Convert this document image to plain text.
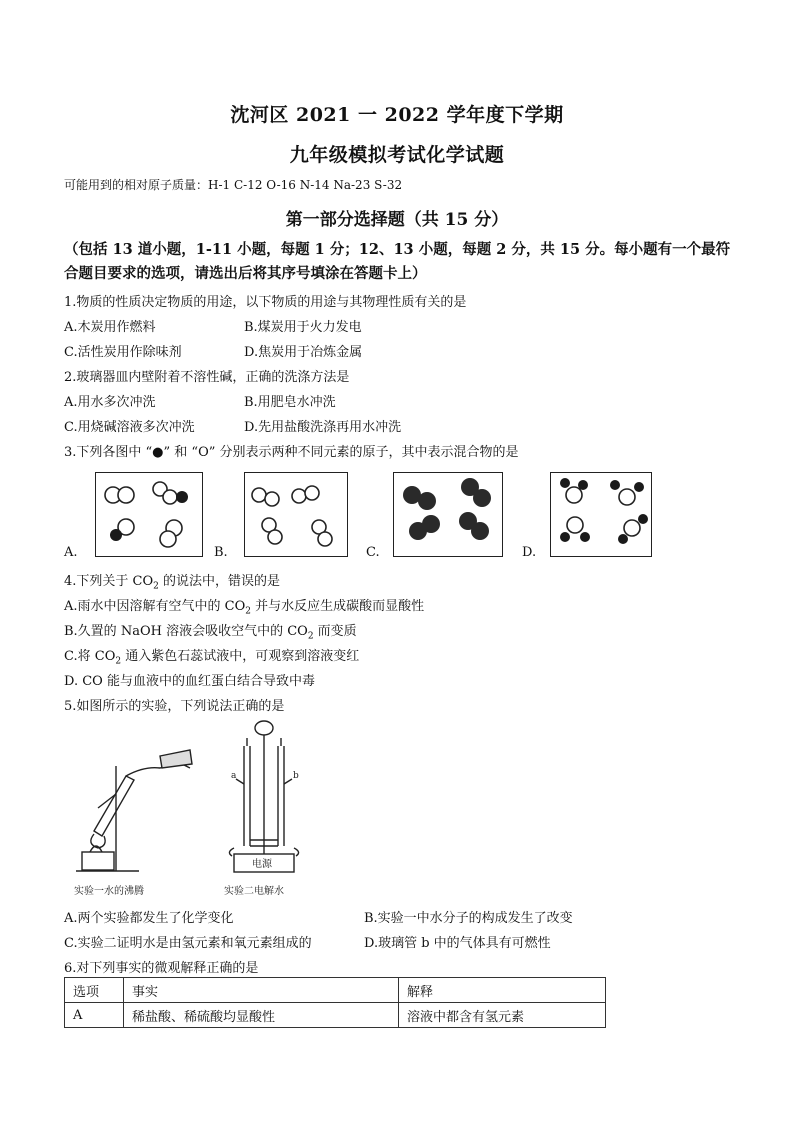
沈河区 2021 一 2022 学年度下学期
九年级模拟考试化学试题
可能用到的相对原子质量：H-1 C-12 O-16 N-14 Na-23 S-32
第一部分选择题（共 15 分）
（包括 13 道小题，1-11 小题，每题 1 分；12、13 小题，每题 2 分，共 15 分。每小题有一个最符合题目要求的选项，请选出后将其序号填涂在答题卡上）
1.物质的性质决定物质的用途，以下物质的用途与其物理性质有关的是
A.木炭用作燃料	B.煤炭用于火力发电
C.活性炭用作除味剂	D.焦炭用于冶炼金属
2.玻璃器皿内壁附着不溶性碱，正确的洗涤方法是
A.用水多次冲洗	B.用肥皂水冲洗
C.用烧碱溶液多次冲洗	D.先用盐酸洗涤再用水冲洗
3.下列各图中 “●” 和 “O” 分别表示两种不同元素的原子，其中表示混合物的是
A.	B.	C.	D.
4.下列关于 $CO_2$ 的说法中，错误的是
A.雨水中因溶解有空气中的 $CO_2$ 并与水反应生成碳酸而显酸性
B.久置的 NaOH 溶液会吸收空气中的 $CO_2$ 而变质
C.将 $CO_2$ 通入紫色石蕊试液中，可观察到溶液变红
D. CO 能与血液中的血红蛋白结合导致中毒
5.如图所示的实验，下列说法正确的是
实验一水的沸腾
a	b
电源
实验二电解水
A.两个实验都发生了化学变化	B.实验一中水分子的构成发生了改变
C.实验二证明水是由氢元素和氧元素组成的	D.玻璃管 b 中的气体具有可燃性
6.对下列事实的微观解释正确的是
选项	事实	解释
A	稀盐酸、稀硫酸均显酸性	溶液中都含有氢元素
